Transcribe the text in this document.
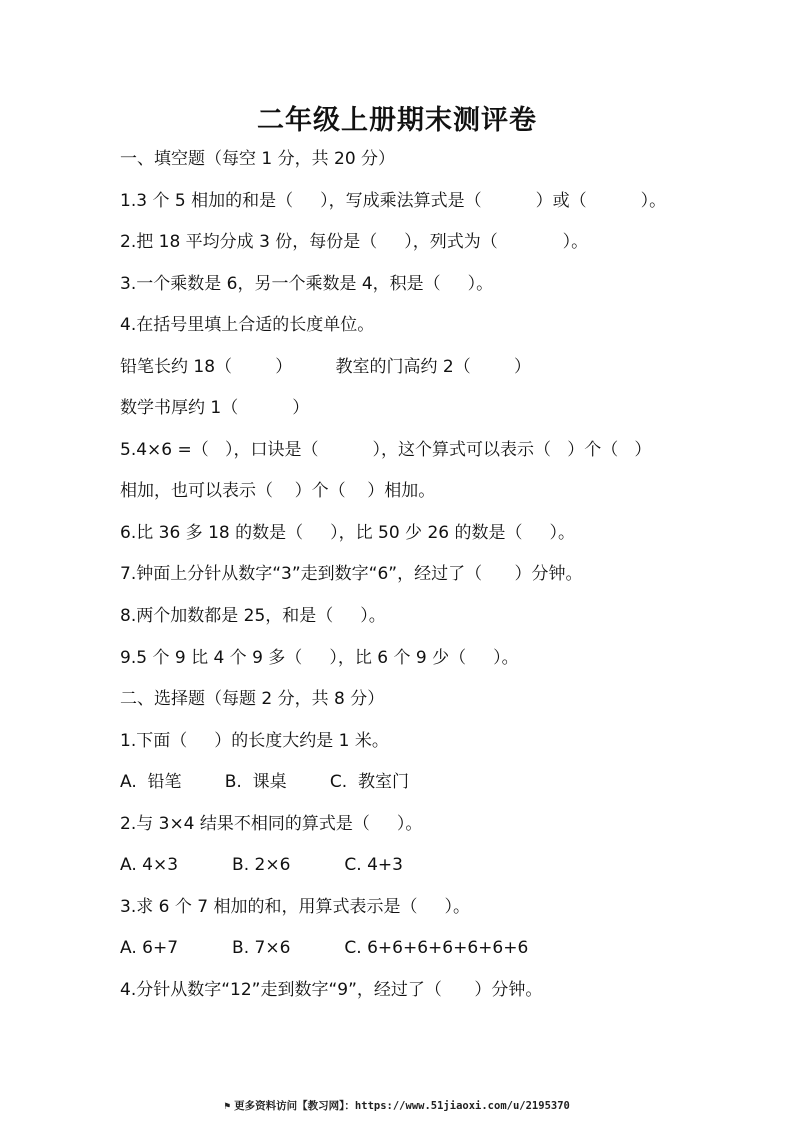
二年级上册期末测评卷
一、填空题（每空 1 分，共 20 分）
1.3 个 5 相加的和是（     ），写成乘法算式是（          ）或（          ）。
2.把 18 平均分成 3 份，每份是（     ），列式为（            ）。
3.一个乘数是 6，另一个乘数是 4，积是（     ）。
4.在括号里填上合适的长度单位。
铅笔长约 18（        ）        教室的门高约 2（        ）
数学书厚约 1（          ）
5.4×6 =（   ），口诀是（          ），这个算式可以表示（   ）个（   ）
相加，也可以表示（    ）个（    ）相加。
6.比 36 多 18 的数是（     ），比 50 少 26 的数是（     ）。
7.钟面上分针从数字“3”走到数字“6”，经过了（      ）分钟。
8.两个加数都是 25，和是（     ）。
9.5 个 9 比 4 个 9 多（     ），比 6 个 9 少（     ）。
二、选择题（每题 2 分，共 8 分）
1.下面（     ）的长度大约是 1 米。
A.  铅笔        B.  课桌        C.  教室门
2.与 3×4 结果不相同的算式是（     ）。
A. 4×3          B. 2×6          C. 4+3
3.求 6 个 7 相加的和，用算式表示是（     ）。
A. 6+7          B. 7×6          C. 6+6+6+6+6+6+6
4.分针从数字“12”走到数字“9”，经过了（      ）分钟。
⚑ 更多资料访问【教习网】：https://www.51jiaoxi.com/u/2195370
